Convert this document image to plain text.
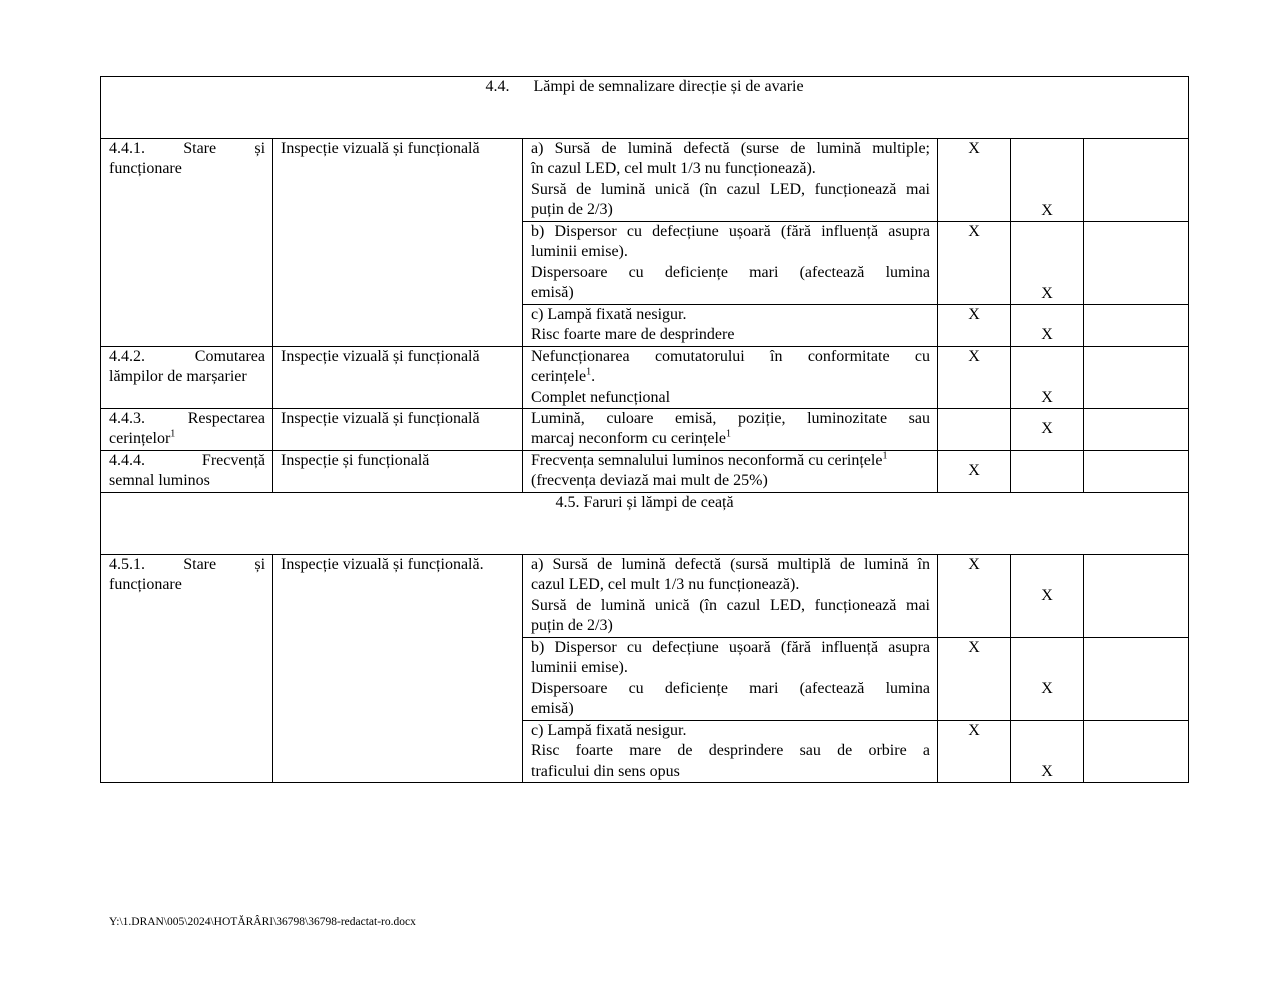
4.4. Lămpi de semnalizare direcție și de avarie					

4.4.1. Stare și
funcționare	Inspecție vizuală și funcțională	a) Sursă de lumină defectă (surse de lumină multiple;
în cazul LED, cel mult 1/3 nu funcționează).
Sursă de lumină unică (în cazul LED, funcționează mai
puțin de 2/3)	X	X	

		b) Dispersor cu defecțiune ușoară (fără influență asupra
luminii emise).
Dispersoare cu deficiențe mari (afectează lumina
emisă)	X	X	

		c) Lampă fixată nesigur.
Risc foarte mare de desprindere	X	X	

4.4.2. Comutarea
lămpilor de marșarier	Inspecție vizuală și funcțională	Nefuncționarea comutatorului în conformitate cu
cerințele$^1$.
Complet nefuncțional	X	X	

4.4.3. Respectarea
cerințelor$^1$	Inspecție vizuală și funcțională	Lumină, culoare emisă, poziție, luminozitate sau
marcaj neconform cu cerințele$^1$		X	

4.4.4. Frecvență
semnal luminos	Inspecție și funcțională	Frecvența semnalului luminos neconformă cu cerințele$^1$
(frecvența deviază mai mult de 25%)	X		
4.5. Faruri și lămpi de ceață					

4.5.1. Stare și
funcționare	Inspecție vizuală și funcțională.	a) Sursă de lumină defectă (sursă multiplă de lumină în
cazul LED, cel mult 1/3 nu funcționează).
Sursă de lumină unică (în cazul LED, funcționează mai
puțin de 2/3)	X	X	

		b) Dispersor cu defecțiune ușoară (fără influență asupra
luminii emise).
Dispersoare cu deficiențe mari (afectează lumina
emisă)	X	X	

		c) Lampă fixată nesigur.
Risc foarte mare de desprindere sau de orbire a
traficului din sens opus	X	X	
Y:\1.DRAN\005\2024\HOTĂRÂRI\36798\36798-redactat-ro.docx
